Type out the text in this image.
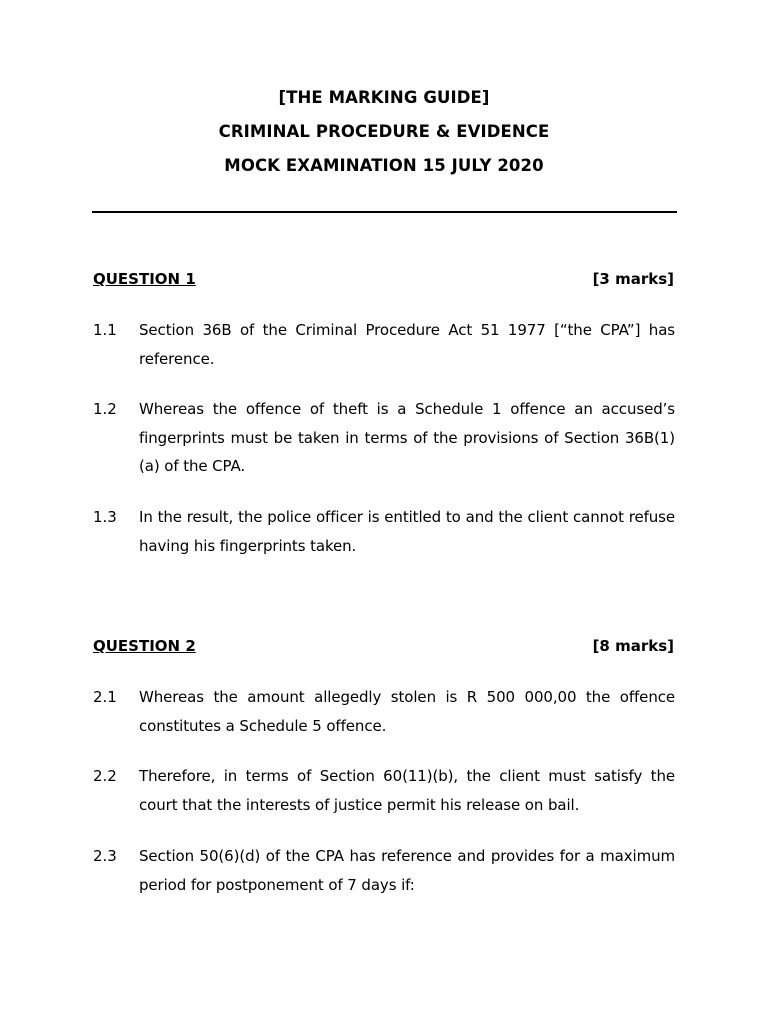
[THE MARKING GUIDE]
CRIMINAL PROCEDURE & EVIDENCE
MOCK EXAMINATION 15 JULY 2020
QUESTION 1	[3 marks]
1.1	Section 36B of the Criminal Procedure Act 51 1977 [“the CPA”] has reference.
1.2	Whereas the offence of theft is a Schedule 1 offence an accused’s fingerprints must be taken in terms of the provisions of Section 36B(1)(a) of the CPA.
1.3	In the result, the police officer is entitled to and the client cannot refuse having his fingerprints taken.
QUESTION 2	[8 marks]
2.1	Whereas the amount allegedly stolen is R 500 000,00 the offence constitutes a Schedule 5 offence.
2.2	Therefore, in terms of Section 60(11)(b), the client must satisfy the court that the interests of justice permit his release on bail.
2.3	Section 50(6)(d) of the CPA has reference and provides for a maximum period for postponement of 7 days if:
